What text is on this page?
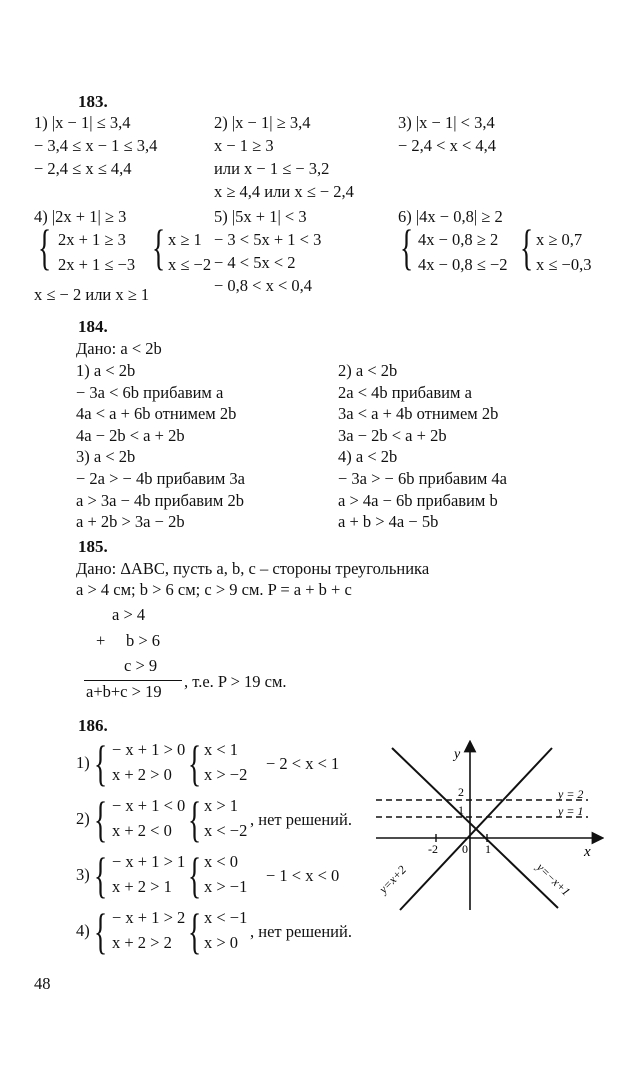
183.
1) |x − 1| ≤ 3,4
− 3,4 ≤ x − 1 ≤ 3,4
− 2,4 ≤ x ≤ 4,4
2) |x − 1| ≥ 3,4
x − 1 ≥ 3
или x − 1 ≤ − 3,2
x ≥ 4,4 или x ≤ − 2,4
3) |x − 1| < 3,4
− 2,4 < x < 4,4
4) |2x + 1| ≥ 3
{ 2x + 1 ≥ 3
2x + 1 ≤ −3 { x ≥ 1
x ≤ −2
x ≤ − 2 или x ≥ 1
5) |5x + 1| < 3
− 3 < 5x + 1 < 3
− 4 < 5x < 2
− 0,8 < x < 0,4
6) |4x − 0,8| ≥ 2
{ 4x − 0,8 ≥ 2
4x − 0,8 ≤ −2 { x ≥ 0,7
x ≤ −0,3
184.
Дано: a < 2b
1) a < 2b
− 3a < 6b прибавим a
4a < a + 6b отнимем 2b
4a − 2b < a + 2b
3) a < 2b
− 2a > − 4b прибавим 3a
a > 3a − 4b прибавим 2b
a + 2b > 3a − 2b
2) a < 2b
2a < 4b прибавим a
3a < a + 4b отнимем 2b
3a − 2b < a + 2b
4) a < 2b
− 3a > − 6b прибавим 4a
a > 4a − 6b прибавим b
a + b > 4a − 5b
185.
Дано: ΔABC, пусть a, b, c – стороны треугольника
a > 4 см; b > 6 см; c > 9 см. P = a + b + c
a > 4
+ b > 6
c > 9
a+b+c > 19
, т.е. P > 19 см.
186.
1) { − x + 1 > 0
x + 2 > 0 { x < 1
x > −2
− 2 < x < 1
2) { − x + 1 < 0
x + 2 < 0 { x > 1
x < −2
, нет решений.
3) { − x + 1 > 1
x + 2 > 1 { x < 0
x > −1
− 1 < x < 0
4) { − x + 1 > 2
x + 2 > 2 { x < −1
x > 0
, нет решений.
y
x
2
1
-2 0 1
y = 2
y = 1
y=x+2	y=−x+1
48
